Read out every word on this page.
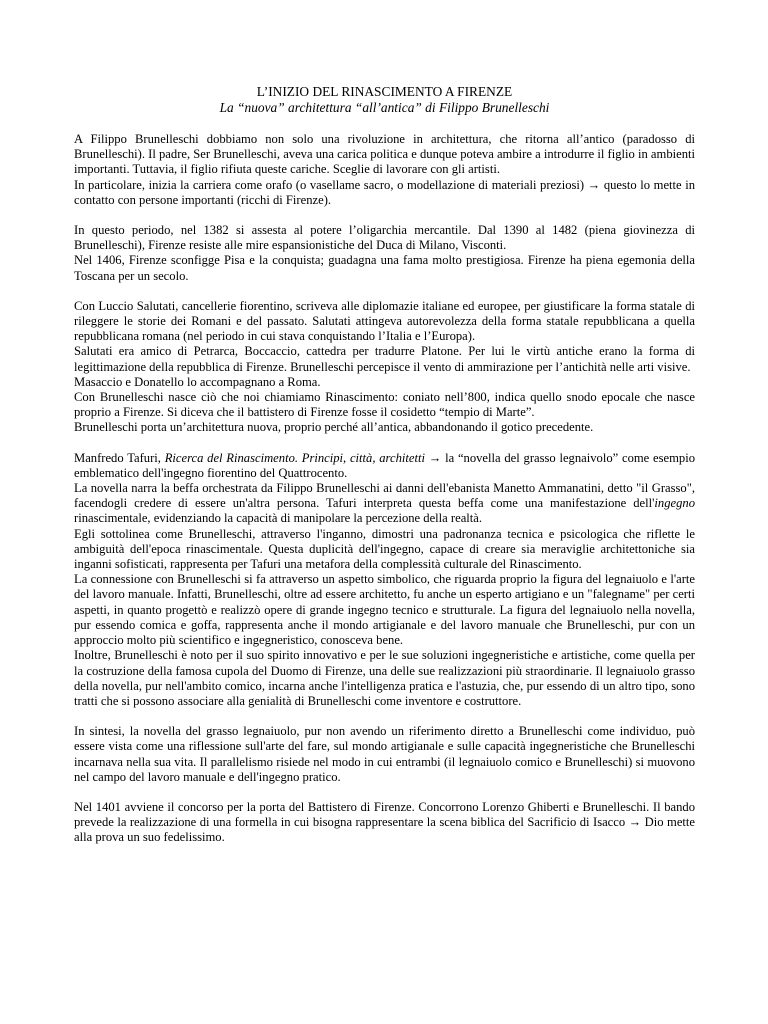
L’INIZIO DEL RINASCIMENTO A FIRENZE

La “nuova” architettura “all’antica” di Filippo Brunelleschi

A Filippo Brunelleschi dobbiamo non solo una rivoluzione in architettura, che ritorna all’antico (paradosso di Brunelleschi). Il padre, Ser Brunelleschi, aveva una carica politica e dunque poteva ambire a introdurre il figlio in ambienti importanti. Tuttavia, il figlio rifiuta queste cariche. Sceglie di lavorare con gli artisti.

In particolare, inizia la carriera come orafo (o vasellame sacro, o modellazione di materiali preziosi) → questo lo mette in contatto con persone importanti (ricchi di Firenze).

In questo periodo, nel 1382 si assesta al potere l’oligarchia mercantile. Dal 1390 al 1482 (piena giovinezza di Brunelleschi), Firenze resiste alle mire espansionistiche del Duca di Milano, Visconti.

Nel 1406, Firenze sconfigge Pisa e la conquista; guadagna una fama molto prestigiosa. Firenze ha piena egemonia della Toscana per un secolo.

Con Luccio Salutati, cancellerie fiorentino, scriveva alle diplomazie italiane ed europee, per giustificare la forma statale di rileggere le storie dei Romani e del passato. Salutati attingeva autorevolezza della forma statale repubblicana a quella repubblicana romana (nel periodo in cui stava conquistando l’Italia e l’Europa).

Salutati era amico di Petrarca, Boccaccio, cattedra per tradurre Platone. Per lui le virtù antiche erano la forma di legittimazione della repubblica di Firenze. Brunelleschi percepisce il vento di ammirazione per l’antichità nelle arti visive.

Masaccio e Donatello lo accompagnano a Roma.

Con Brunelleschi nasce ciò che noi chiamiamo Rinascimento: coniato nell’800, indica quello snodo epocale che nasce proprio a Firenze. Si diceva che il battistero di Firenze fosse il cosidetto “tempio di Marte”.

Brunelleschi porta un’architettura nuova, proprio perché all’antica, abbandonando il gotico precedente.

Manfredo Tafuri, Ricerca del Rinascimento. Principi, città, architetti → la “novella del grasso legnaivolo” come esempio emblematico dell'ingegno fiorentino del Quattrocento.

La novella narra la beffa orchestrata da Filippo Brunelleschi ai danni dell'ebanista Manetto Ammanatini, detto "il Grasso", facendogli credere di essere un'altra persona. Tafuri interpreta questa beffa come una manifestazione dell'ingegno rinascimentale, evidenziando la capacità di manipolare la percezione della realtà.

Egli sottolinea come Brunelleschi, attraverso l'inganno, dimostri una padronanza tecnica e psicologica che riflette le ambiguità dell'epoca rinascimentale. Questa duplicità dell'ingegno, capace di creare sia meraviglie architettoniche sia inganni sofisticati, rappresenta per Tafuri una metafora della complessità culturale del Rinascimento.

La connessione con Brunelleschi si fa attraverso un aspetto simbolico, che riguarda proprio la figura del legnaiuolo e l'arte del lavoro manuale. Infatti, Brunelleschi, oltre ad essere architetto, fu anche un esperto artigiano e un "falegname" per certi aspetti, in quanto progettò e realizzò opere di grande ingegno tecnico e strutturale. La figura del legnaiuolo nella novella, pur essendo comica e goffa, rappresenta anche il mondo artigianale e del lavoro manuale che Brunelleschi, pur con un approccio molto più scientifico e ingegneristico, conosceva bene.

Inoltre, Brunelleschi è noto per il suo spirito innovativo e per le sue soluzioni ingegneristiche e artistiche, come quella per la costruzione della famosa cupola del Duomo di Firenze, una delle sue realizzazioni più straordinarie. Il legnaiuolo grasso della novella, pur nell'ambito comico, incarna anche l'intelligenza pratica e l'astuzia, che, pur essendo di un altro tipo, sono tratti che si possono associare alla genialità di Brunelleschi come inventore e costruttore.

In sintesi, la novella del grasso legnaiuolo, pur non avendo un riferimento diretto a Brunelleschi come individuo, può essere vista come una riflessione sull'arte del fare, sul mondo artigianale e sulle capacità ingegneristiche che Brunelleschi incarnava nella sua vita. Il parallelismo risiede nel modo in cui entrambi (il legnaiuolo comico e Brunelleschi) si muovono nel campo del lavoro manuale e dell'ingegno pratico.

Nel 1401 avviene il concorso per la porta del Battistero di Firenze. Concorrono Lorenzo Ghiberti e Brunelleschi. Il bando prevede la realizzazione di una formella in cui bisogna rappresentare la scena biblica del Sacrificio di Isacco → Dio mette alla prova un suo fedelissimo.
